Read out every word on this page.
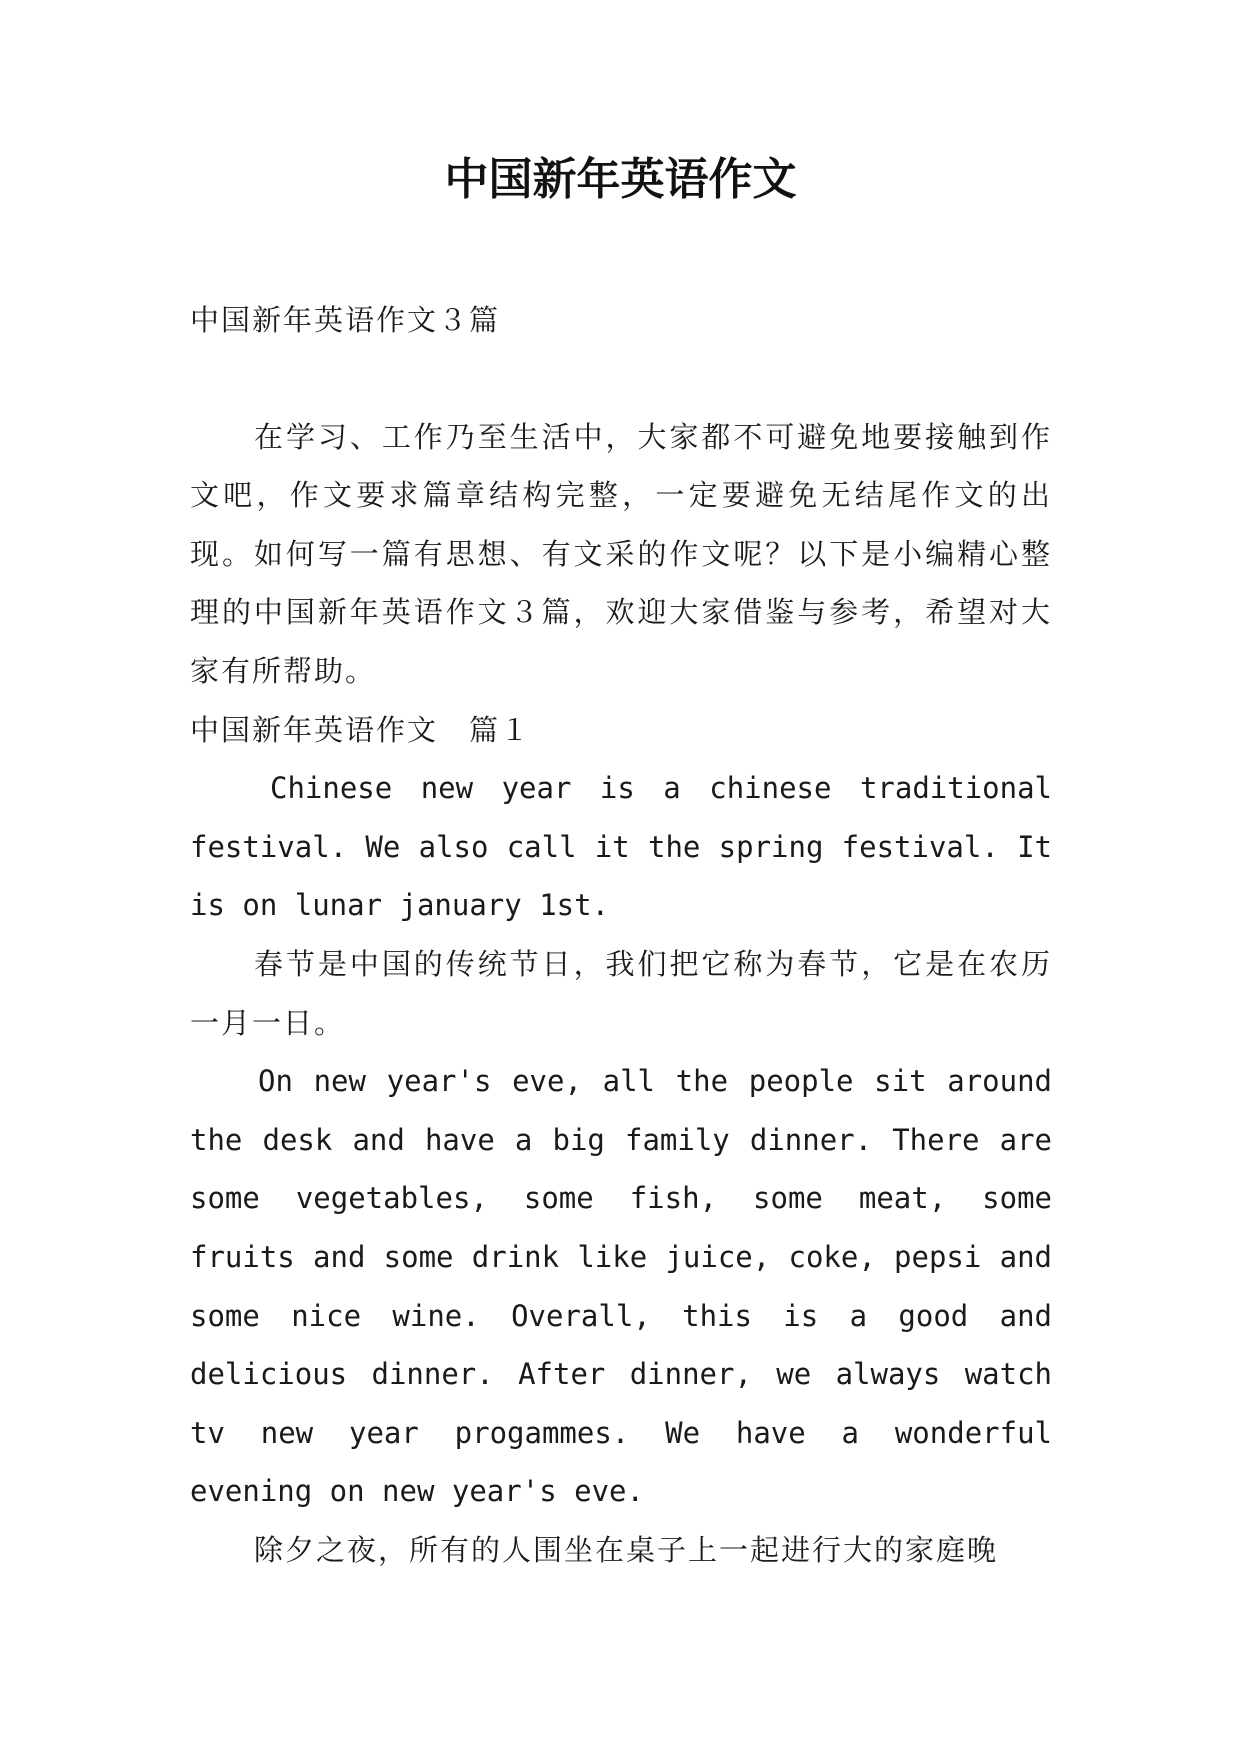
中国新年英语作文

中国新年英语作文３篇

在学习、工作乃至生活中，大家都不可避免地要接触到作文吧，作文要求篇章结构完整，一定要避免无结尾作文的出现。如何写一篇有思想、有文采的作文呢？以下是小编精心整理的中国新年英语作文３篇，欢迎大家借鉴与参考，希望对大家有所帮助。

中国新年英语作文　篇１

Chinese new year is a chinese traditional festival. We also call it the spring festival. It is on lunar january 1st.

春节是中国的传统节日，我们把它称为春节，它是在农历一月一日。

On new year's eve, all the people sit around the desk and have a big family dinner. There are some vegetables, some fish, some meat, some fruits and some drink like juice, coke, pepsi and some nice wine. Overall, this is a good and delicious dinner. After dinner, we always watch tv new year progammes. We have a wonderful evening on new year's eve.

除夕之夜，所有的人围坐在桌子上一起进行大的家庭晚
